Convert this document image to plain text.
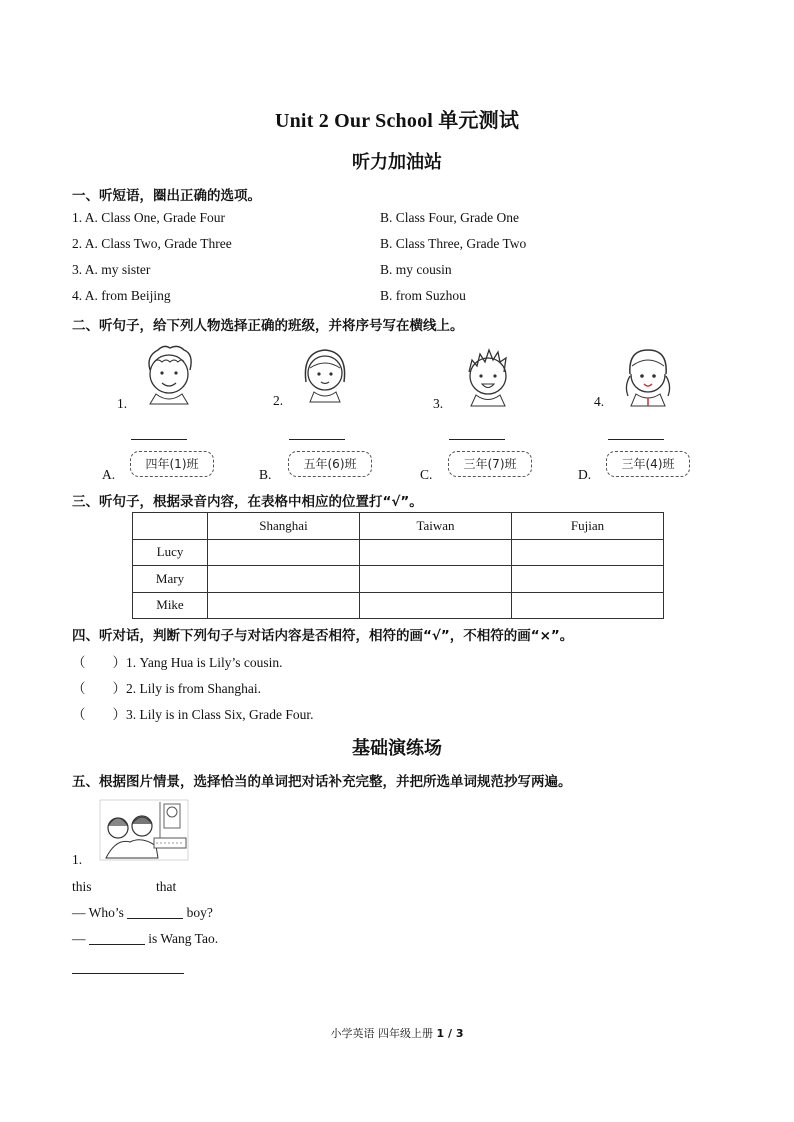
Unit 2 Our School 单元测试
听力加油站
一、听短语，圈出正确的选项。
1. A. Class One, Grade Four	B. Class Four, Grade One
2. A. Class Two, Grade Three	B. Class Three, Grade Two
3. A. my sister	B. my cousin
4. A. from Beijing	B. from Suzhou
二、听句子，给下列人物选择正确的班级，并将序号写在横线上。
1.	2.	3.	4.
A.
四年(1)班
B.
五年(6)班
C.
三年(7)班
D.
三年(4)班
三、听句子，根据录音内容，在表格中相应的位置打“√”。
	Shanghai	Taiwan	Fujian
Lucy			
Mary			
Mike			
四、听对话，判断下列句子与对话内容是否相符，相符的画“√”，不相符的画“×”。
（　　）1. Yang Hua is Lily’s cousin.
（　　）2. Lily is from Shanghai.
（　　）3. Lily is in Class Six, Grade Four.
基础演练场
五、根据图片情景，选择恰当的单词把对话补充完整，并把所选单词规范抄写两遍。
1.
this	that
— Who’s	boy?
—	is Wang Tao.
小学英语 四年级上册 1 / 3
